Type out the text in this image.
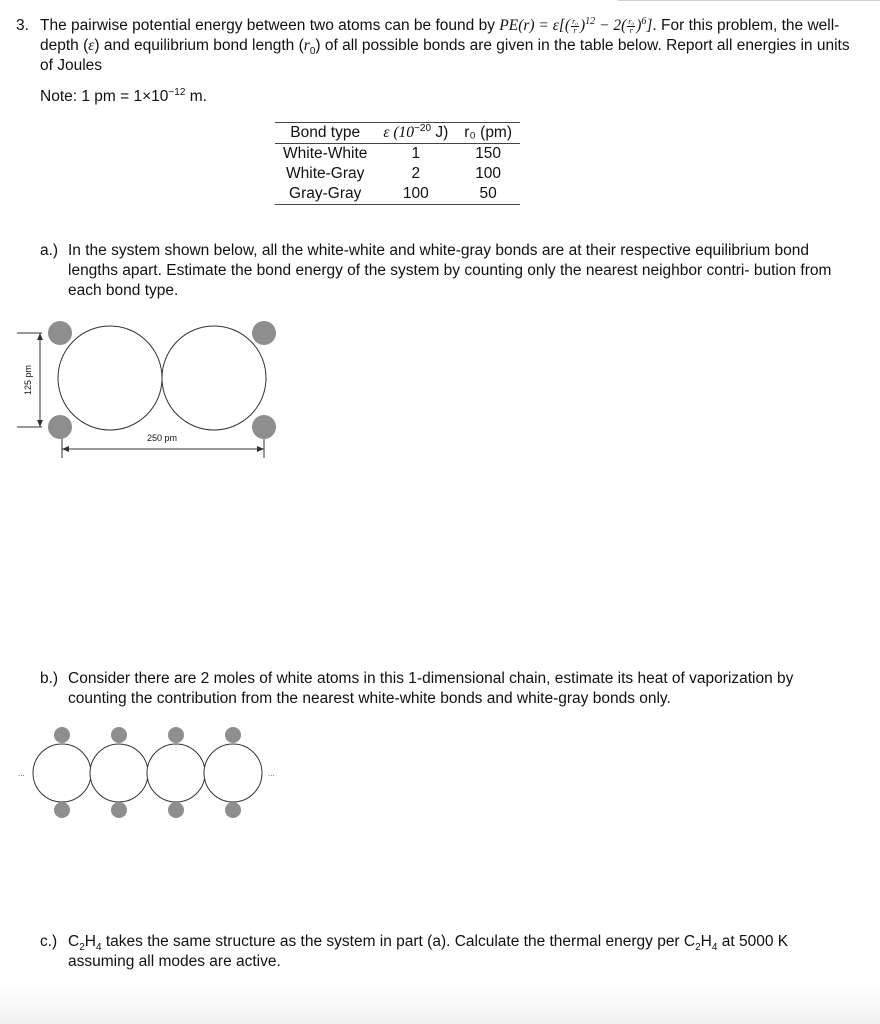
3. The pairwise potential energy between two atoms can be found by $PE(r) = \varepsilon[( \frac{\text{r₀}}{r} )^{12} - 2( \frac{\text{r₀}}{r} )^6]$. For this problem, the well-depth (ε) and equilibrium bond length $(r_0)$ of all possible bonds are given in the table below. Report all energies in units of Joules
Note: 1 pm = $1\times 10^{-12}$ m.
Bond type	ε ($10^{-20}$ J)	r₀ (pm)
White-White	1	150
White-Gray	2	100
Gray-Gray	100	50
a.) In the system shown below, all the white-white and white-gray bonds are at their respective equilibrium bond lengths apart. Estimate the bond energy of the system by counting only the nearest neighbor contri- bution from each bond type.
125 pm
250 pm
b.) Consider there are 2 moles of white atoms in this 1-dimensional chain, estimate its heat of vaporization by counting the contribution from the nearest white-white bonds and white-gray bonds only.
...	...
c.) $C_2H_4$ takes the same structure as the system in part (a). Calculate the thermal energy per $C_2H_4$ at 5000 K assuming all modes are active.
